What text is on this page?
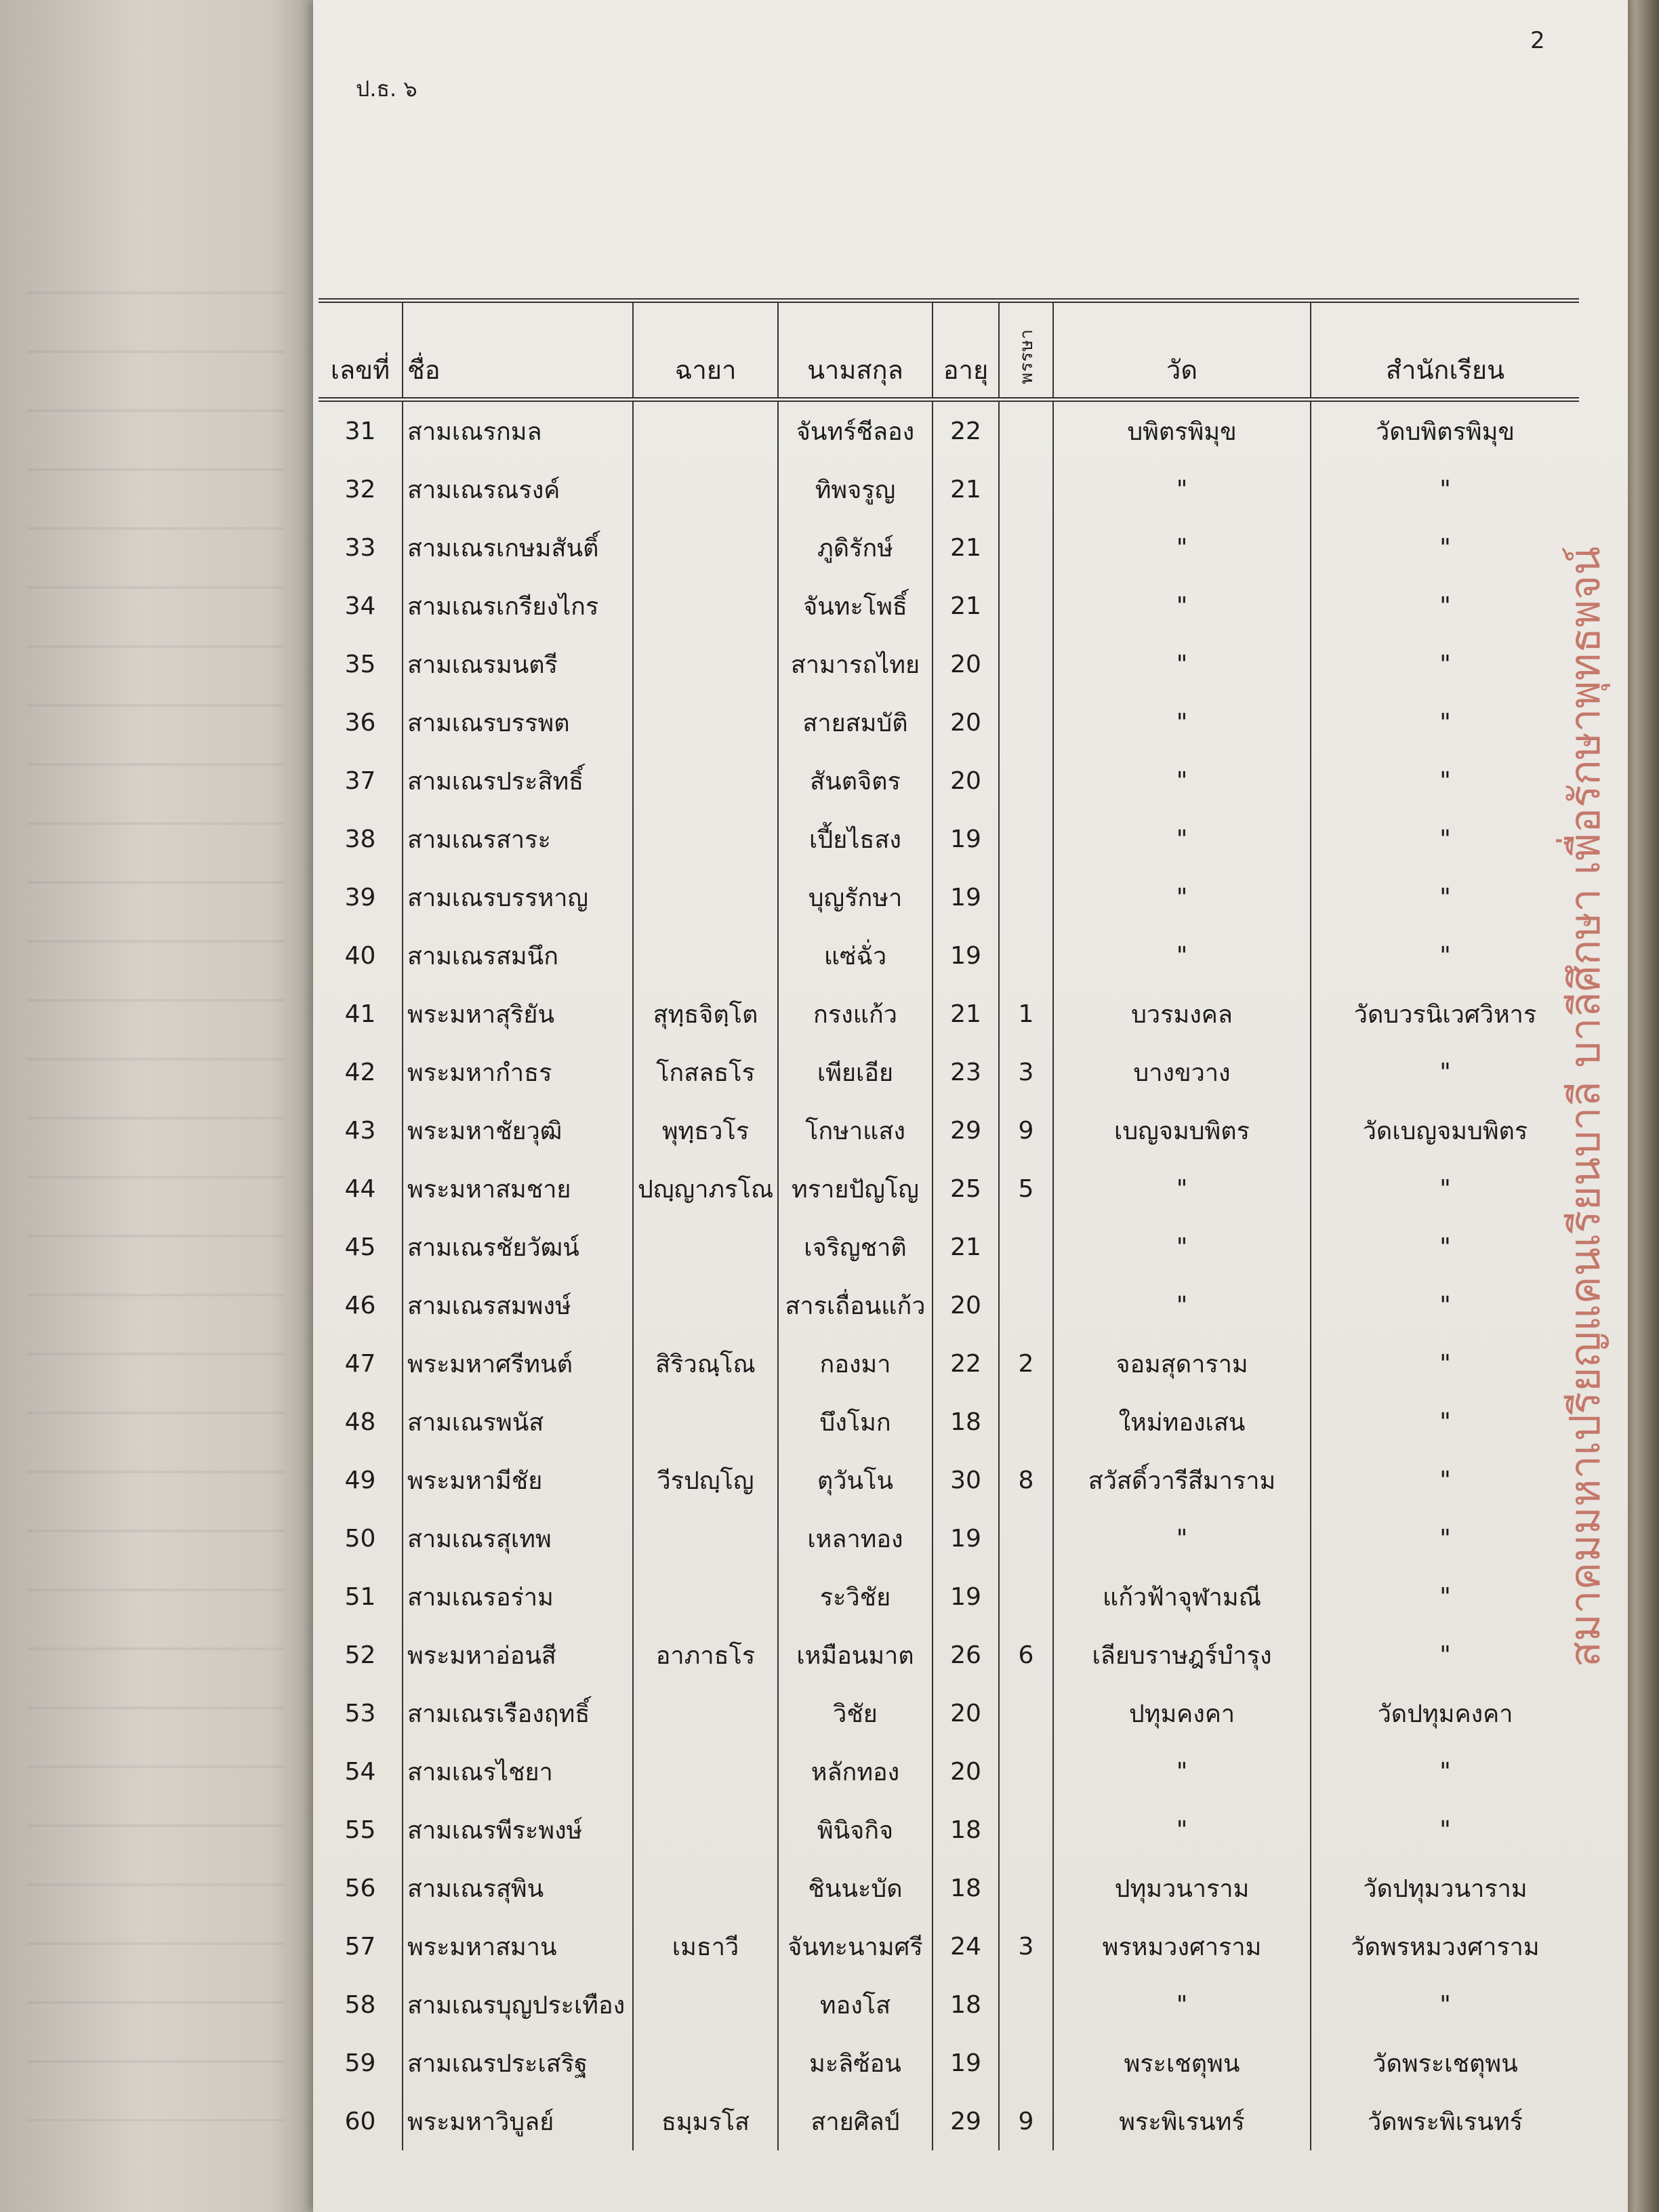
2
ป.ธ. ๖
เลขที่	ชื่อ	ฉายา	นามสกุล	อายุ	พรรษา	วัด	สำนักเรียน
31	สามเณรกมล		จันทร์ชีลอง	22		บพิตรพิมุข	วัดบพิตรพิมุข
32	สามเณรณรงค์		ทิพจรูญ	21		"	"
33	สามเณรเกษมสันติ์		ภูดิรักษ์	21		"	"
34	สามเณรเกรียงไกร		จันทะโพธิ์	21		"	"
35	สามเณรมนตรี		สามารถไทย	20		"	"
36	สามเณรบรรพต		สายสมบัติ	20		"	"
37	สามเณรประสิทธิ์		สันตจิตร	20		"	"
38	สามเณรสาระ		เปี้ยไธสง	19		"	"
39	สามเณรบรรหาญ		บุญรักษา	19		"	"
40	สามเณรสมนึก		แซ่ฉั่ว	19		"	"
41	พระมหาสุริยัน	สุทฺธจิตฺโต	กรงแก้ว	21	1	บวรมงคล	วัดบวรนิเวศวิหาร
42	พระมหากำธร	โกสลธโร	เพียเอีย	23	3	บางขวาง	"
43	พระมหาชัยวุฒิ	พุทฺธวโร	โกษาแสง	29	9	เบญจมบพิตร	วัดเบญจมบพิตร
44	พระมหาสมชาย	ปญฺญาภรโณ	ทรายปัญโญ	25	5	"	"
45	สามเณรชัยวัฒน์		เจริญชาติ	21		"	"
46	สามเณรสมพงษ์		สารเถื่อนแก้ว	20		"	"
47	พระมหาศรีทนต์	สิริวณฺโณ	กองมา	22	2	จอมสุดาราม	"
48	สามเณรพนัส		บึงโมก	18		ใหม่ทองเสน	"
49	พระมหามีชัย	วีรปญฺโญ	ตุวันโน	30	8	สวัสดิ์วารีสีมาราม	"
50	สามเณรสุเทพ		เหลาทอง	19		"	"
51	สามเณรอร่าม		ระวิชัย	19		แก้วฟ้าจุฬามณี	"
52	พระมหาอ่อนสี	อาภาธโร	เหมือนมาต	26	6	เลียบราษฎร์บำรุง	"
53	สามเณรเรืองฤทธิ์		วิชัย	20		ปทุมคงคา	วัดปทุมคงคา
54	สามเณรไชยา		หลักทอง	20		"	"
55	สามเณรพีระพงษ์		พินิจกิจ	18		"	"
56	สามเณรสุพิน		ชินนะบัด	18		ปทุมวนาราม	วัดปทุมวนาราม
57	พระมหาสมาน	เมธาวี	จันทะนามศรี	24	3	พรหมวงศาราม	วัดพรหมวงศาราม
58	สามเณรบุญประเทือง		ทองโส	18		"	"
59	สามเณรประเสริฐ		มะลิซ้อน	19		พระเชตุพน	วัดพระเชตุพน
60	พระมหาวิบูลย์	ธมฺมรโส	สายศิลป์	29	9	พระพิเรนทร์	วัดพระพิเรนทร์
สมาคมมหาเปรียญแคนเรียนบาลี บาลีศึกษา เพื่อรักษาพุทธพจน์
